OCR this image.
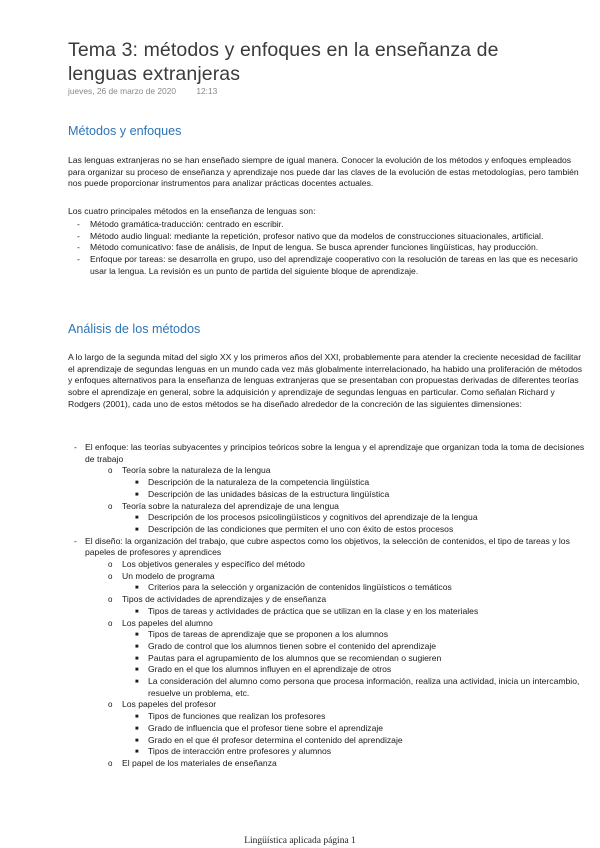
Tema 3: métodos y enfoques en la enseñanza de lenguas extranjeras
jueves, 26 de marzo de 2020 12:13
Métodos y enfoques

Las lenguas extranjeras no se han enseñado siempre de igual manera. Conocer la evolución de los métodos y enfoques empleados para organizar su proceso de enseñanza y aprendizaje nos puede dar las claves de la evolución de estas metodologías, pero también nos puede proporcionar instrumentos para analizar prácticas docentes actuales.

Los cuatro principales métodos en la enseñanza de lenguas son:

- Método gramática-traducción: centrado en escribir.
- Método audio lingual: mediante la repetición, profesor nativo que da modelos de construcciones situacionales, artificial.
- Método comunicativo: fase de análisis, de Input de lengua. Se busca aprender funciones lingüísticas, hay producción.
- Enfoque por tareas: se desarrolla en grupo, uso del aprendizaje cooperativo con la resolución de tareas en las que es necesario usar la lengua. La revisión es un punto de partida del siguiente bloque de aprendizaje.
Análisis de los métodos

A lo largo de la segunda mitad del siglo XX y los primeros años del XXI, probablemente para atender la creciente necesidad de facilitar el aprendizaje de segundas lenguas en un mundo cada vez más globalmente interrelacionado, ha habido una proliferación de métodos y enfoques alternativos para la enseñanza de lenguas extranjeras que se presentaban con propuestas derivadas de diferentes teorías sobre el aprendizaje en general, sobre la adquisición y aprendizaje de segundas lenguas en particular. Como señalan Richard y Rodgers (2001), cada uno de estos métodos se ha diseñado alrededor de la concreción de las siguientes dimensiones:

- El enfoque: las teorías subyacentes y principios teóricos sobre la lengua y el aprendizaje que organizan toda la toma de decisiones de trabajo
o Teoría sobre la naturaleza de la lengua
■ Descripción de la naturaleza de la competencia lingüística
■ Descripción de las unidades básicas de la estructura lingüística
o Teoría sobre la naturaleza del aprendizaje de una lengua
■ Descripción de los procesos psicolingüísticos y cognitivos del aprendizaje de la lengua
■ Descripción de las condiciones que permiten el uno con éxito de estos procesos
- El diseño: la organización del trabajo, que cubre aspectos como los objetivos, la selección de contenidos, el tipo de tareas y los papeles de profesores y aprendices
o Los objetivos generales y específico del método
o Un modelo de programa
■ Criterios para la selección y organización de contenidos lingüísticos o temáticos
o Tipos de actividades de aprendizajes y de enseñanza
■ Tipos de tareas y actividades de práctica que se utilizan en la clase y en los materiales
o Los papeles del alumno
■ Tipos de tareas de aprendizaje que se proponen a los alumnos
■ Grado de control que los alumnos tienen sobre el contenido del aprendizaje
■ Pautas para el agrupamiento de los alumnos que se recomiendan o sugieren
■ Grado en el que los alumnos influyen en el aprendizaje de otros
■ La consideración del alumno como persona que procesa información, realiza una actividad, inicia un intercambio, resuelve un problema, etc.
o Los papeles del profesor
■ Tipos de funciones que realizan los profesores
■ Grado de influencia que el profesor tiene sobre el aprendizaje
■ Grado en el que él profesor determina el contenido del aprendizaje
■ Tipos de interacción entre profesores y alumnos
o El papel de los materiales de enseñanza
Lingüística aplicada página 1
